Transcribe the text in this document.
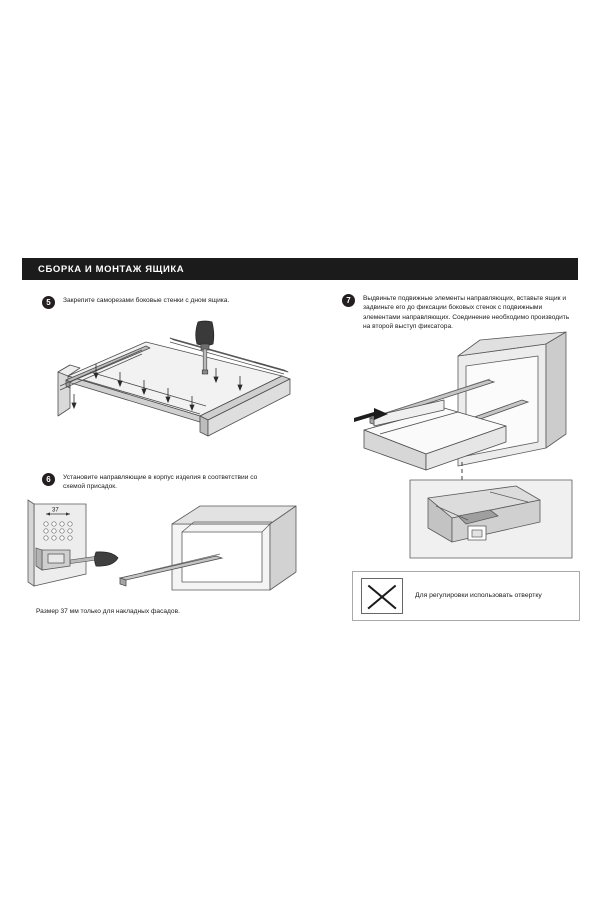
СБОРКА И МОНТАЖ ЯЩИКА
5	Закрепите саморезами боковые стенки с дном ящика.
6	Установите направляющие в корпус изделия в соответствии со схемой присадок.
37
Размер 37 мм только для накладных фасадов.
7	Выдвиньте подвижные элементы направляющих, вставьте ящик и задвиньте его до фиксации боковых стенок с подвижными элементами направляющих. Соединение необходимо производить на второй выступ фиксатора.
Для регулировки использовать отвертку
